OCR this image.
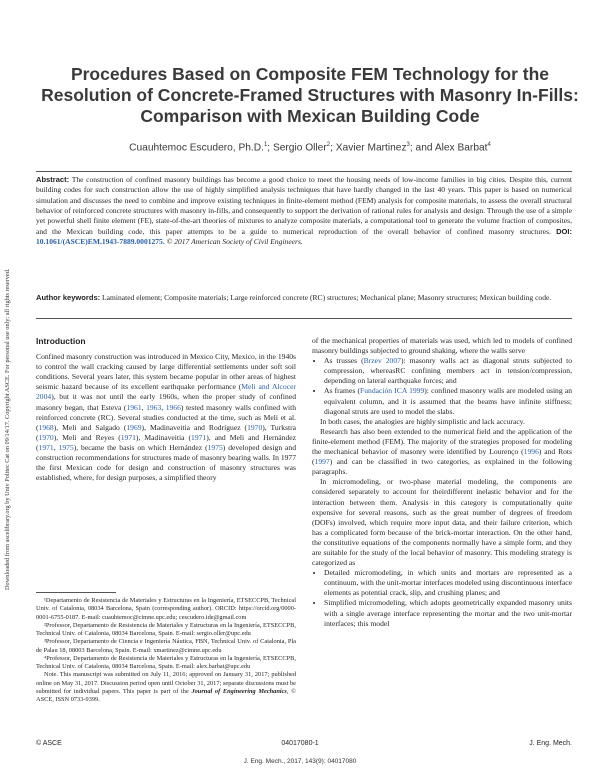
Downloaded from ascelibrary.org by Univ Politec Cat on 09/14/17. Copyright ASCE. For personal use only; all rights reserved.
Procedures Based on Composite FEM Technology for the Resolution of Concrete-Framed Structures with Masonry In-Fills: Comparison with Mexican Building Code
Cuauhtemoc Escudero, Ph.D.$^1$; Sergio Oller$^2$; Xavier Martinez$^3$; and Alex Barbat$^4$
Abstract: The construction of confined masonry buildings has become a good choice to meet the housing needs of low-income families in big cities. Despite this, current building codes for such construction allow the use of highly simplified analysis techniques that have hardly changed in the last 40 years. This paper is based on numerical simulation and discusses the need to combine and improve existing techniques in finite-element method (FEM) analysis for composite materials, to assess the overall structural behavior of reinforced concrete structures with masonry in-fills, and consequently to support the derivation of rational rules for analysis and design. Through the use of a simple yet powerful shell finite element (FE), state-of-the-art theories of mixtures to analyze composite materials, a computational tool to generate the volume fraction of composites, and the Mexican building code, this paper attempts to be a guide to numerical reproduction of the overall behavior of confined masonry structures. DOI: 10.1061/(ASCE)EM.1943-7889.0001275. © 2017 American Society of Civil Engineers.
Author keywords: Laminated element; Composite materials; Large reinforced concrete (RC) structures; Mechanical plane; Masonry structures; Mexican building code.
Introduction

Confined masonry construction was introduced in Mexico City, Mexico, in the 1940s to control the wall cracking caused by large differential settlements under soft soil conditions. Several years later, this system became popular in other areas of highest seismic hazard because of its excellent earthquake performance (Meli and Alcocer 2004), but it was not until the early 1960s, when the proper study of confined masonry began, that Esteva (1961, 1963, 1966) tested masonry walls confined with reinforced concrete (RC). Several studies conducted at the time, such as Meli et al. (1968), Meli and Salgado (1969), Madinaveitia and Rodríguez (1970), Turkstra (1970), Meli and Reyes (1971), Madinaveitia (1971), and Meli and Hernández (1971, 1975), became the basis on which Hernández (1975) developed design and construction recommendations for structures made of masonry bearing walls. In 1977 the first Mexican code for design and construction of masonry structures was established, where, for design purposes, a simplified theory

¹Departamento de Resistencia de Materiales y Estructuras en la Ingeniería, ETSECCPB, Technical Univ. of Catalonia, 08034 Barcelona, Spain (corresponding author). ORCID: https://orcid.org/0000-0001-6755-0187. E-mail: cuauhtemoc@cimne.upc.edu; cescudero.ide@gmail.com

²Professor, Departamento de Resistencia de Materiales y Estructuras en la Ingeniería, ETSECCPB, Technical Univ. of Catalonia, 08034 Barcelona, Spain. E-mail: sergio.oller@upc.edu

³Professor, Departamento de Ciencia e Ingeniería Náutica, FBN, Technical Univ. of Catalonia, Pla de Palau 18, 08003 Barcelona, Spain. E-mail: xmartinez@cimne.upc.edu

⁴Professor, Departamento de Resistencia de Materiales y Estructuras en la Ingeniería, ETSECCPB, Technical Univ. of Catalonia, 08034 Barcelona, Spain. E-mail: alex.barbat@upc.edu

Note. This manuscript was submitted on July 11, 2016; approved on January 31, 2017; published online on May 31, 2017. Discussion period open until October 31, 2017; separate discussions must be submitted for individual papers. This paper is part of the Journal of Engineering Mechanics, © ASCE, ISSN 0733-9399.

of the mechanical properties of materials was used, which led to models of confined masonry buildings subjected to ground shaking, where the walls serve

• As trusses (Brzev 2007): masonry walls act as diagonal struts subjected to compression, whereasRC confining members act in tension/compression, depending on lateral earthquake forces; and
• As frames (Fundación ICA 1999): confined masonry walls are modeled using an equivalent column, and it is assumed that the beams have infinite stiffness; diagonal struts are used to model the slabs.

In both cases, the analogies are highly simplistic and lack accuracy.

Research has also been extended to the numerical field and the application of the finite-element method (FEM). The majority of the strategies proposed for modeling the mechanical behavior of masonry were identified by Lourenço (1996) and Rots (1997) and can be classified in two categories, as explained in the following paragraphs.

In micromodeling, or two-phase material modeling, the components are considered separately to account for theirdifferent inelastic behavior and for the interaction between them. Analysis in this category is computationally quite expensive for several reasons, such as the great number of degrees of freedom (DOFs) involved, which require more input data, and their failure criterion, which has a complicated form because of the brick-mortar interaction. On the other hand, the constitutive equations of the components normally have a simple form, and they are suitable for the study of the local behavior of masonry. This modeling strategy is categorized as

• Detailed micromodeling, in which units and mortars are represented as a continuum, with the unit-mortar interfaces modeled using discontinuous interface elements as potential crack, slip, and crushing planes; and
• Simplified micromodeling, which adopts geometrically expanded masonry units with a single average interface representing the mortar and the two unit-mortar interfaces; this model
© ASCE	04017080-1	J. Eng. Mech.
J. Eng. Mech., 2017, 143(9): 04017080
